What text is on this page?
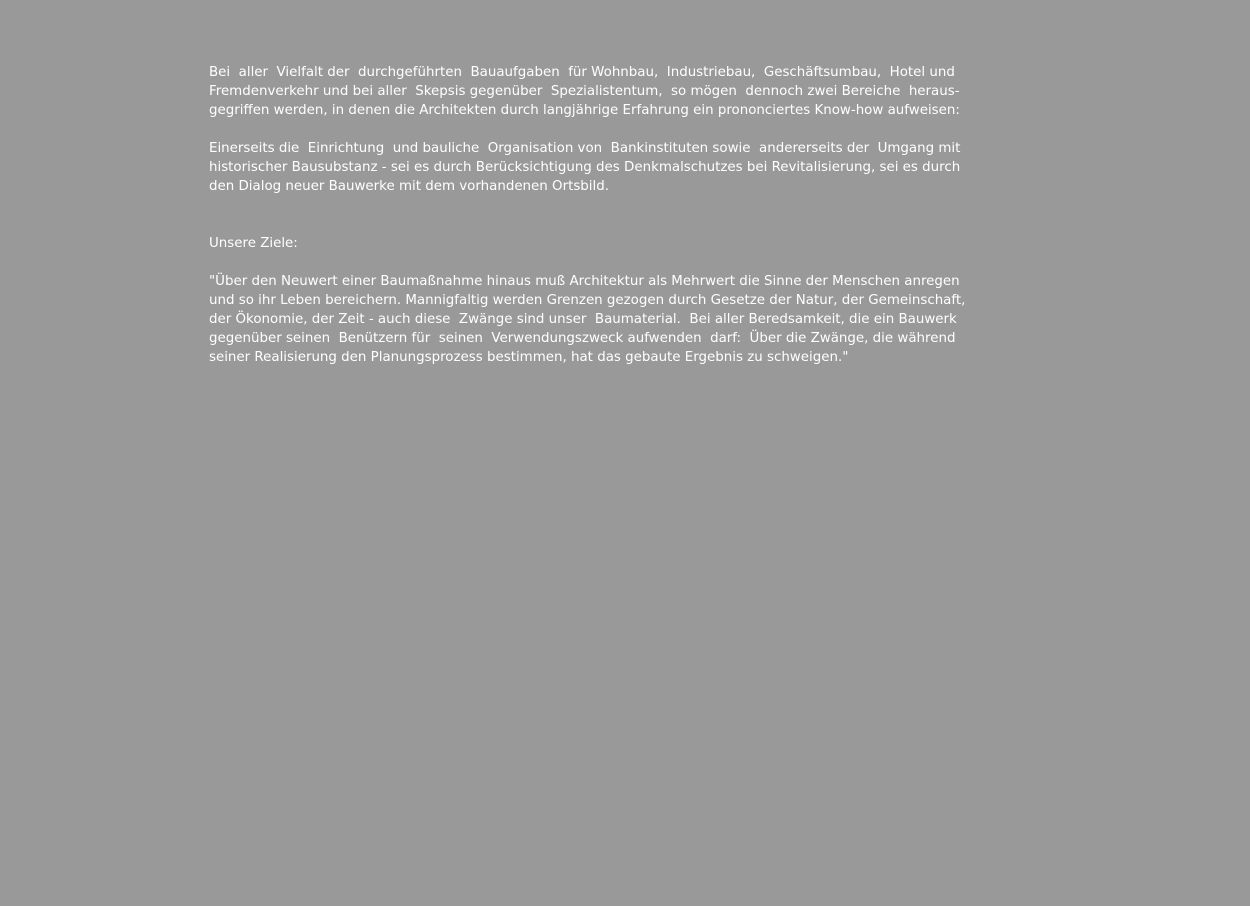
Bei  aller  Vielfalt der  durchgeführten  Bauaufgaben  für Wohnbau,  Industriebau,  Geschäftsumbau,  Hotel und

Fremdenverkehr und bei aller  Skepsis gegenüber  Spezialistentum,  so mögen  dennoch zwei Bereiche  heraus-

gegriffen werden, in denen die Architekten durch langjährige Erfahrung ein prononciertes Know-how aufweisen:

Einerseits die  Einrichtung  und bauliche  Organisation von  Bankinstituten sowie  andererseits der  Umgang mit

historischer Bausubstanz - sei es durch Berücksichtigung des Denkmalschutzes bei Revitalisierung, sei es durch

den Dialog neuer Bauwerke mit dem vorhandenen Ortsbild.

Unsere Ziele:

"Über den Neuwert einer Baumaßnahme hinaus muß Architektur als Mehrwert die Sinne der Menschen anregen

und so ihr Leben bereichern. Mannigfaltig werden Grenzen gezogen durch Gesetze der Natur, der Gemeinschaft,

der Ökonomie, der Zeit - auch diese  Zwänge sind unser  Baumaterial.  Bei aller Beredsamkeit, die ein Bauwerk

gegenüber seinen  Benützern für  seinen  Verwendungszweck aufwenden  darf:  Über die Zwänge, die während

seiner Realisierung den Planungsprozess bestimmen, hat das gebaute Ergebnis zu schweigen."
